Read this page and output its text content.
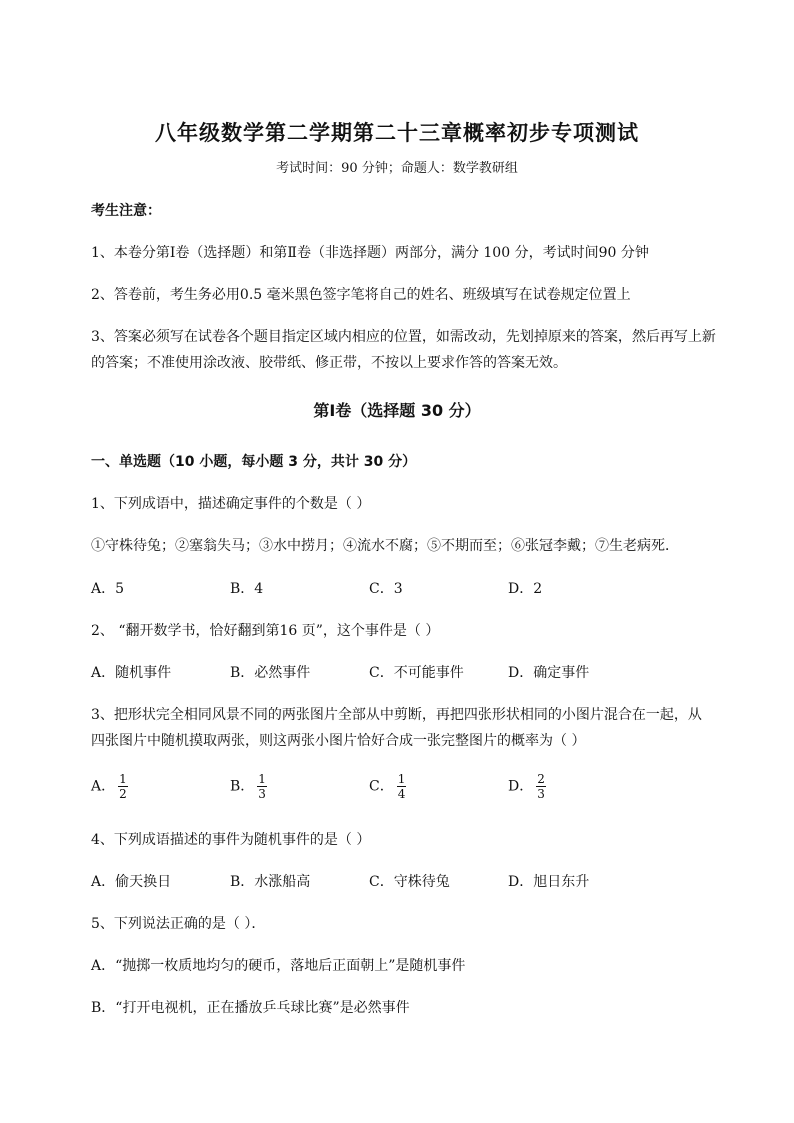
八年级数学第二学期第二十三章概率初步专项测试
考试时间：90 分钟；命题人：数学教研组
考生注意：
1、本卷分第Ⅰ卷（选择题）和第Ⅱ卷（非选择题）两部分，满分 100 分，考试时间90 分钟
2、答卷前，考生务必用0.5 毫米黑色签字笔将自己的姓名、班级填写在试卷规定位置上
3、答案必须写在试卷各个题目指定区域内相应的位置，如需改动，先划掉原来的答案，然后再写上新
的答案；不准使用涂改液、胶带纸、修正带，不按以上要求作答的答案无效。
第Ⅰ卷（选择题 30 分）
一、单选题（10 小题，每小题 3 分，共计 30 分）
1、下列成语中，描述确定事件的个数是（ ）
①守株待兔；②塞翁失马；③水中捞月；④流水不腐；⑤不期而至；⑥张冠李戴；⑦生老病死．
A．5	B．4	C．3	D．2
2、 “翻开数学书，恰好翻到第16 页”，这个事件是（ ）
A．随机事件	B．必然事件	C．不可能事件	D．确定事件
3、把形状完全相同风景不同的两张图片全部从中剪断，再把四张形状相同的小图片混合在一起，从
四张图片中随机摸取两张，则这两张小图片恰好合成一张完整图片的概率为（ ）
A． $\frac{1}{2}$	B． $\frac{1}{3}$	C． $\frac{1}{4}$	D． $\frac{2}{3}$
4、下列成语描述的事件为随机事件的是（ ）
A．偷天换日	B．水涨船高	C．守株待兔	D．旭日东升
5、下列说法正确的是（ ）．
A．“抛掷一枚质地均匀的硬币，落地后正面朝上”是随机事件
B．“打开电视机，正在播放乒乓球比赛”是必然事件
